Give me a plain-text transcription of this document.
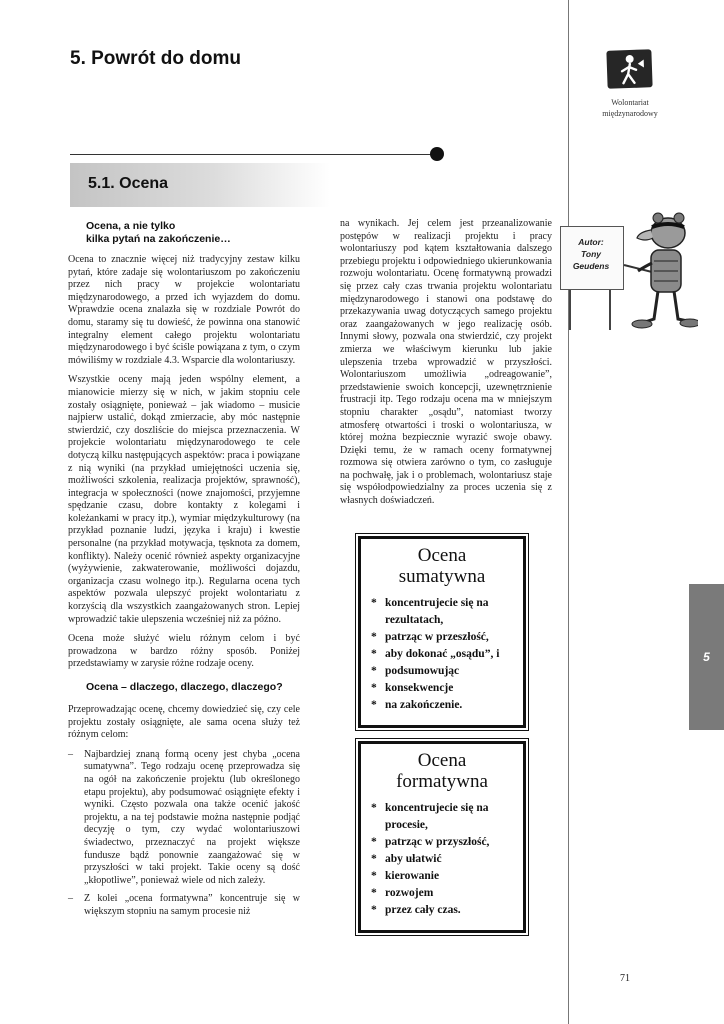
5
5. Powrót do domu
Wolontariat
międzynarodowy
5.1. Ocena
Ocena, a nie tylko
kilka pytań na zakończenie…

Ocena to znacznie więcej niż tradycyjny zestaw kilku pytań, które zadaje się wolontariuszom po zakończeniu przez nich pracy w projekcie wolontariatu międzynarodowego, a przed ich wyjazdem do domu. Wprawdzie ocena znalazła się w rozdziale Powrót do domu, staramy się tu dowieść, że powinna ona stanowić integralny element całego projektu wolontariatu międzynarodowego i być ściśle powiązana z tym, o czym mówiliśmy w rozdziale 4.3. Wsparcie dla wolontariuszy.

Wszystkie oceny mają jeden wspólny element, a mianowicie mierzy się w nich, w jakim stopniu cele zostały osiągnięte, ponieważ – jak wiadomo – musicie najpierw ustalić, dokąd zmierzacie, aby móc następnie stwierdzić, czy doszliście do miejsca przeznaczenia. W projekcie wolontariatu międzynarodowego te cele dotyczą kilku następujących aspektów: praca i powiązane z nią wyniki (na przykład umiejętności uczenia się, możliwości szkolenia, realizacja projektów, sprawność), integracja w społeczności (nowe znajomości, przyjemne spędzanie czasu, dobre kontakty z kolegami i koleżankami w pracy itp.), wymiar międzykulturowy (na przykład poznanie ludzi, języka i kraju) i kwestie personalne (na przykład motywacja, tęsknota za domem, konflikty). Należy ocenić również aspekty organizacyjne (wyżywienie, zakwaterowanie, możliwości dojazdu, organizacja czasu wolnego itp.). Regularna ocena tych aspektów pozwala ulepszyć projekt wolontariatu z korzyścią dla wszystkich zaangażowanych stron. Lepiej wprowadzić takie ulepszenia wcześniej niż za późno.

Ocena może służyć wielu różnym celom i być prowadzona w bardzo różny sposób. Poniżej przedstawiamy w zarysie różne rodzaje oceny.

Ocena – dlaczego, dlaczego, dlaczego?

Przeprowadzając ocenę, chcemy dowiedzieć się, czy cele projektu zostały osiągnięte, ale sama ocena służy też różnym celom:

– Najbardziej znaną formą oceny jest chyba „ocena sumatywna”. Tego rodzaju ocenę przeprowadza się na ogół na zakończenie projektu (lub określonego etapu projektu), aby podsumować osiągnięte efekty i wyniki. Często pozwala ona także ocenić jakość projektu, a na tej podstawie można następnie podjąć decyzję o tym, czy wydać wolontariuszowi świadectwo, przeznaczyć na projekt większe fundusze bądź ponownie zaangażować się w przyszłości w taki projekt. Takie oceny są dość „kłopotliwe”, ponieważ wiele od nich zależy.
– Z kolei „ocena formatywna” koncentruje się w większym stopniu na samym procesie niż
Autor:
Tony
Geudens

na wynikach. Jej celem jest przeanalizowanie postępów w realizacji projektu i pracy wolontariuszy pod kątem kształtowania dalszego przebiegu projektu i odpowiedniego ukierunkowania rozwoju wolontariatu. Ocenę formatywną prowadzi się przez cały czas trwania projektu wolontariatu międzynarodowego i stanowi ona podstawę do przekazywania uwag dotyczących samego projektu oraz zaangażowanych w jego realizację osób. Innymi słowy, pozwala ona stwierdzić, czy projekt zmierza we właściwym kierunku lub jakie ulepszenia trzeba wprowadzić w przyszłości. Wolontariuszom umożliwia „odreagowanie”, przedstawienie swoich koncepcji, uzewnętrznienie frustracji itp. Tego rodzaju ocena ma w mniejszym stopniu charakter „osądu”, natomiast tworzy atmosferę otwartości i troski o wolontariusza, w której można bezpiecznie wyrazić swoje obawy. Dzięki temu, że w ramach oceny formatywnej rozmowa się otwiera zarówno o tym, co zasługuje na pochwałę, jak i o problemach, wolontariusz staje się współodpowiedzialny za proces uczenia się z własnych doświadczeń.

Ocena
sumatywna
* koncentrujecie się na rezultatach,
* patrząc w przeszłość,
* aby dokonać „osądu”, i
* podsumowując
* konsekwencje
* na zakończenie.
Ocena
formatywna
* koncentrujecie się na procesie,
* patrząc w przyszłość,
* aby ułatwić
* kierowanie
* rozwojem
* przez cały czas.
71
